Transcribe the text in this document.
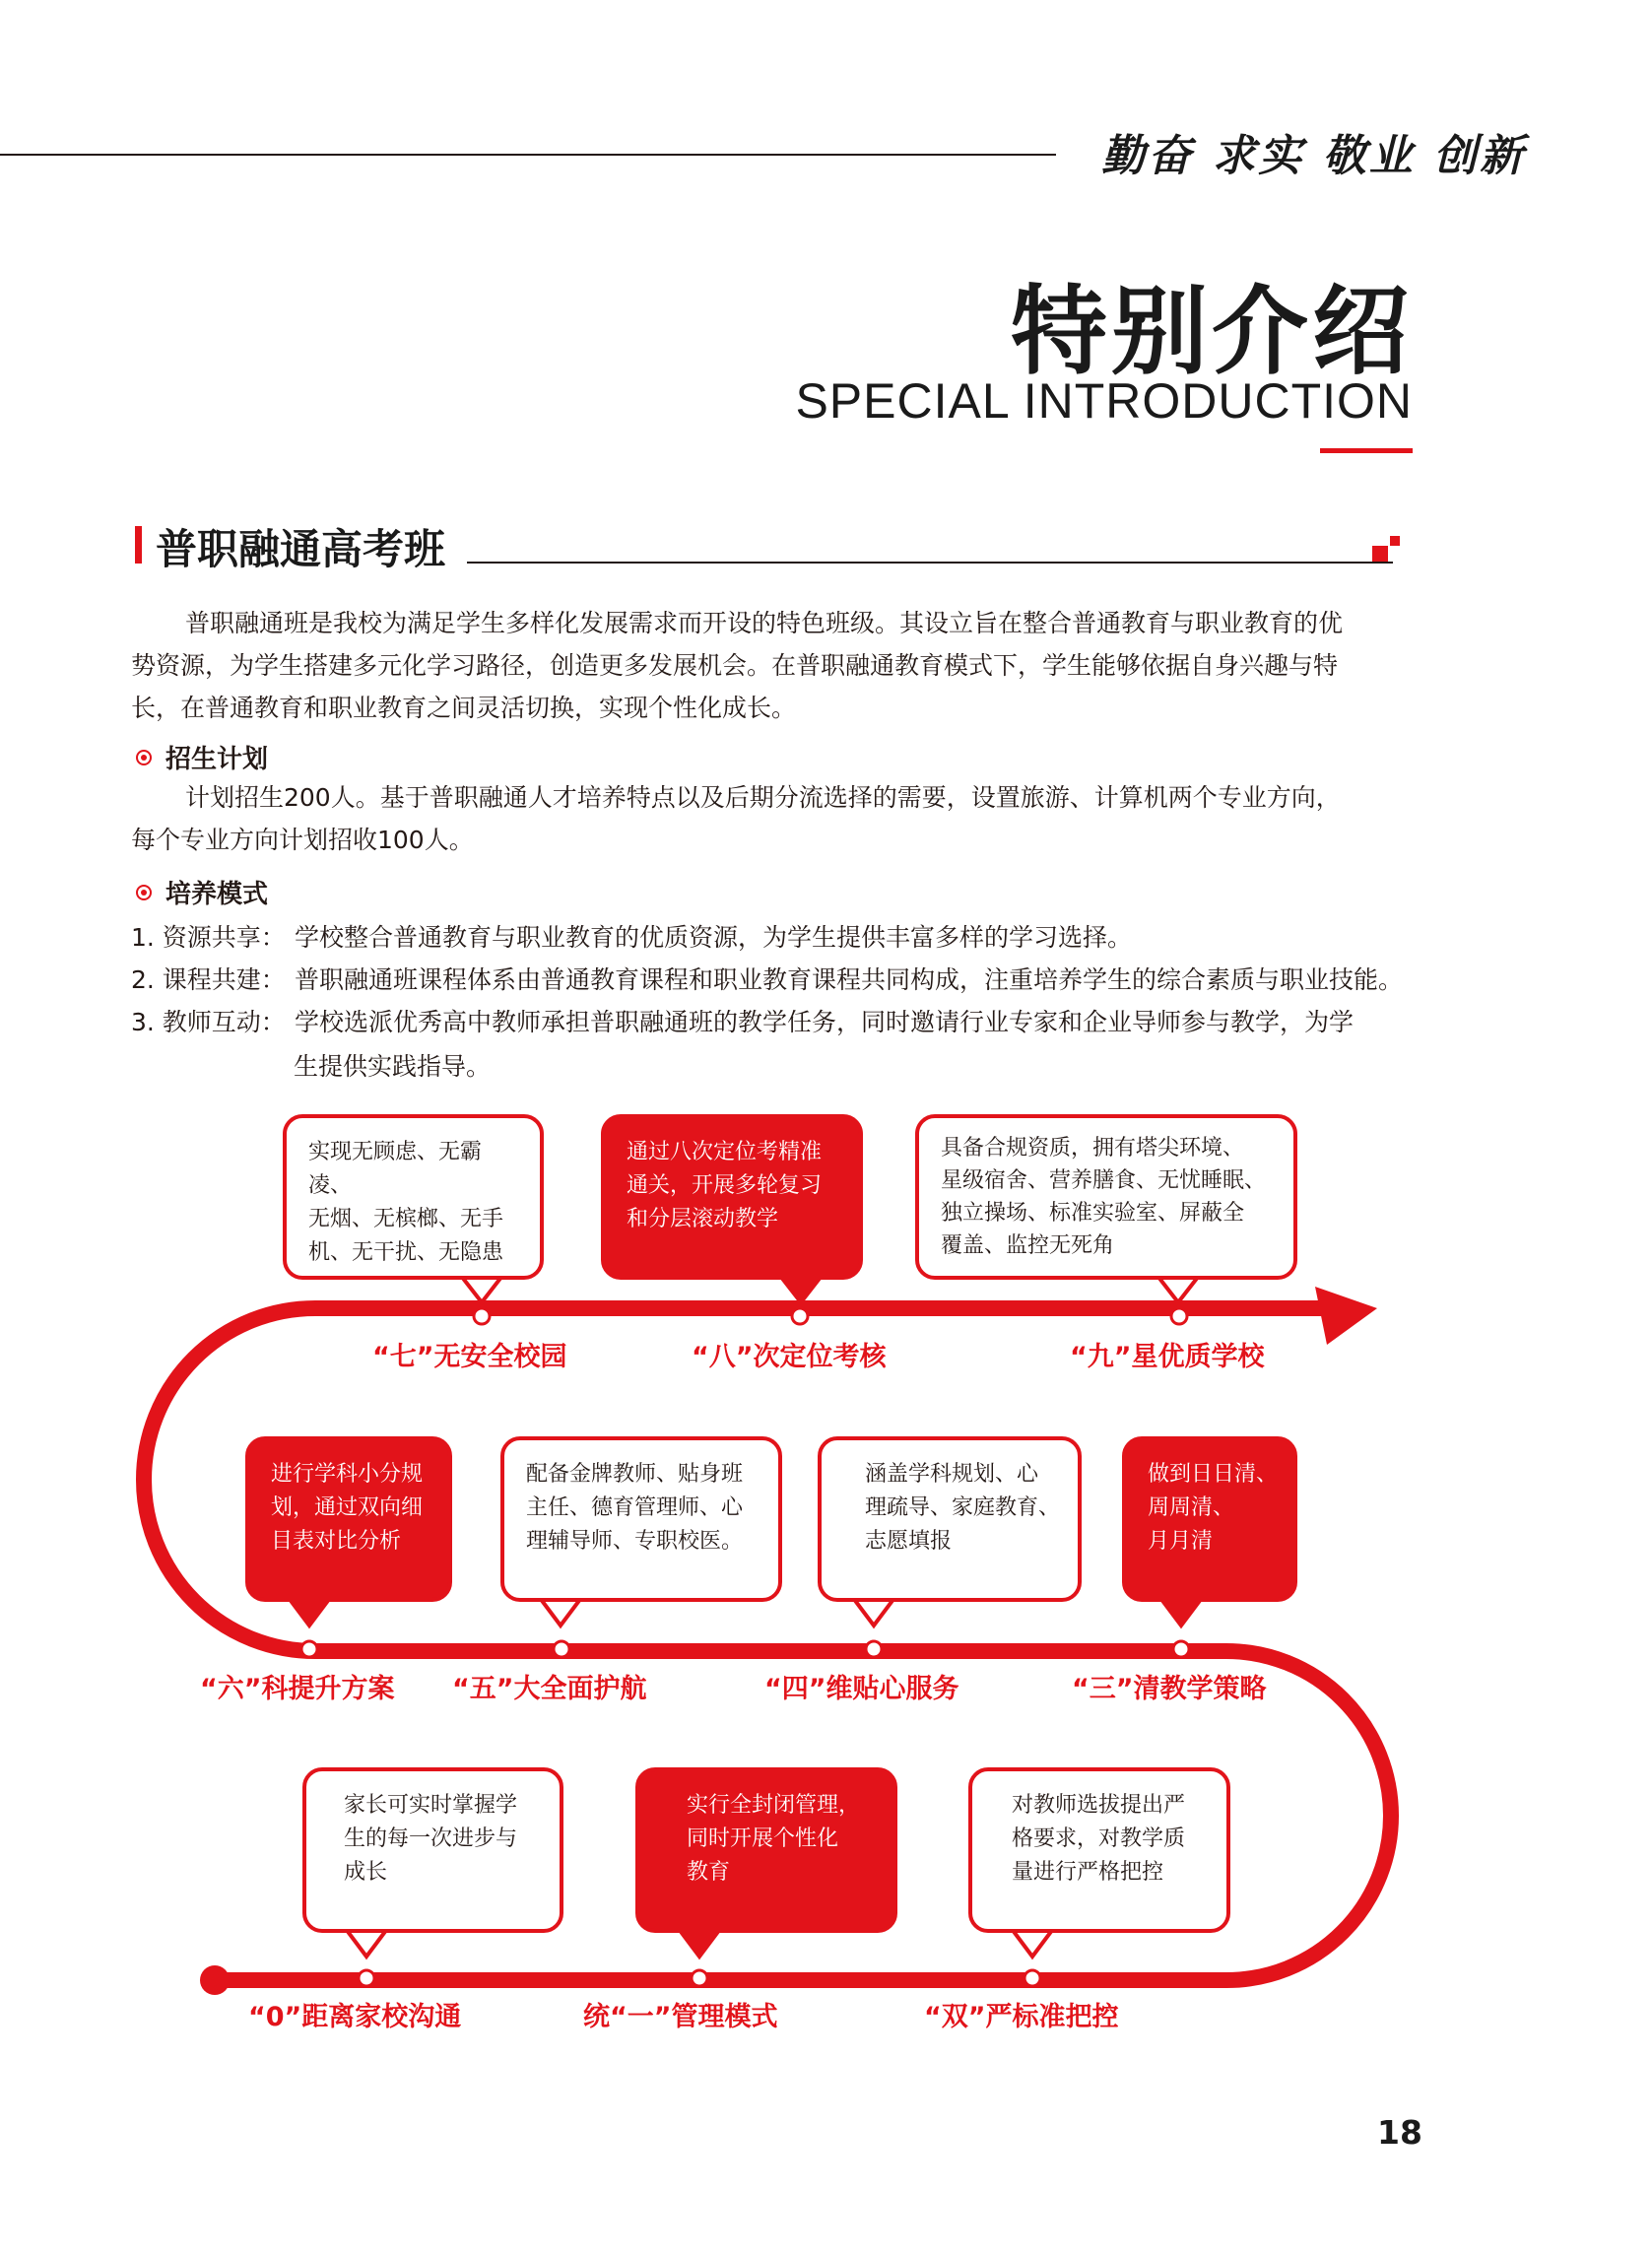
勤奋 求实 敬业 创新
特别介绍
SPECIAL INTRODUCTION
普职融通高考班

普职融通班是我校为满足学生多样化发展需求而开设的特色班级。其设立旨在整合普通教育与职业教育的优

势资源，为学生搭建多元化学习路径，创造更多发展机会。在普职融通教育模式下，学生能够依据自身兴趣与特

长，在普通教育和职业教育之间灵活切换，实现个性化成长。

招生计划

计划招生200人。基于普职融通人才培养特点以及后期分流选择的需要，设置旅游、计算机两个专业方向，

每个专业方向计划招收100人。

培养模式
1. 资源共享： 学校整合普通教育与职业教育的优质资源，为学生提供丰富多样的学习选择。
2. 课程共建： 普职融通班课程体系由普通教育课程和职业教育课程共同构成，注重培养学生的综合素质与职业技能。
3. 教师互动： 学校选派优秀高中教师承担普职融通班的教学任务，同时邀请行业专家和企业导师参与教学，为学
生提供实践指导。
实现无顾虑、无霸凌、
无烟、无槟榔、无手
机、无干扰、无隐患
通过八次定位考精准
通关，开展多轮复习
和分层滚动教学
具备合规资质，拥有塔尖环境、
星级宿舍、营养膳食、无忧睡眠、
独立操场、标准实验室、屏蔽全
覆盖、监控无死角
“七”无安全校园	“八”次定位考核	“九”星优质学校
进行学科小分规
划，通过双向细
目表对比分析
配备金牌教师、贴身班
主任、德育管理师、心
理辅导师、专职校医。
涵盖学科规划、心
理疏导、家庭教育、
志愿填报
做到日日清、
周周清、
月月清
“六”科提升方案 “五”大全面护航	“四”维贴心服务	“三”清教学策略
家长可实时掌握学
生的每一次进步与
成长
实行全封闭管理，
同时开展个性化
教育
对教师选拔提出严
格要求，对教学质
量进行严格把控
“0”距离家校沟通	统“一”管理模式	“双”严标准把控
18
